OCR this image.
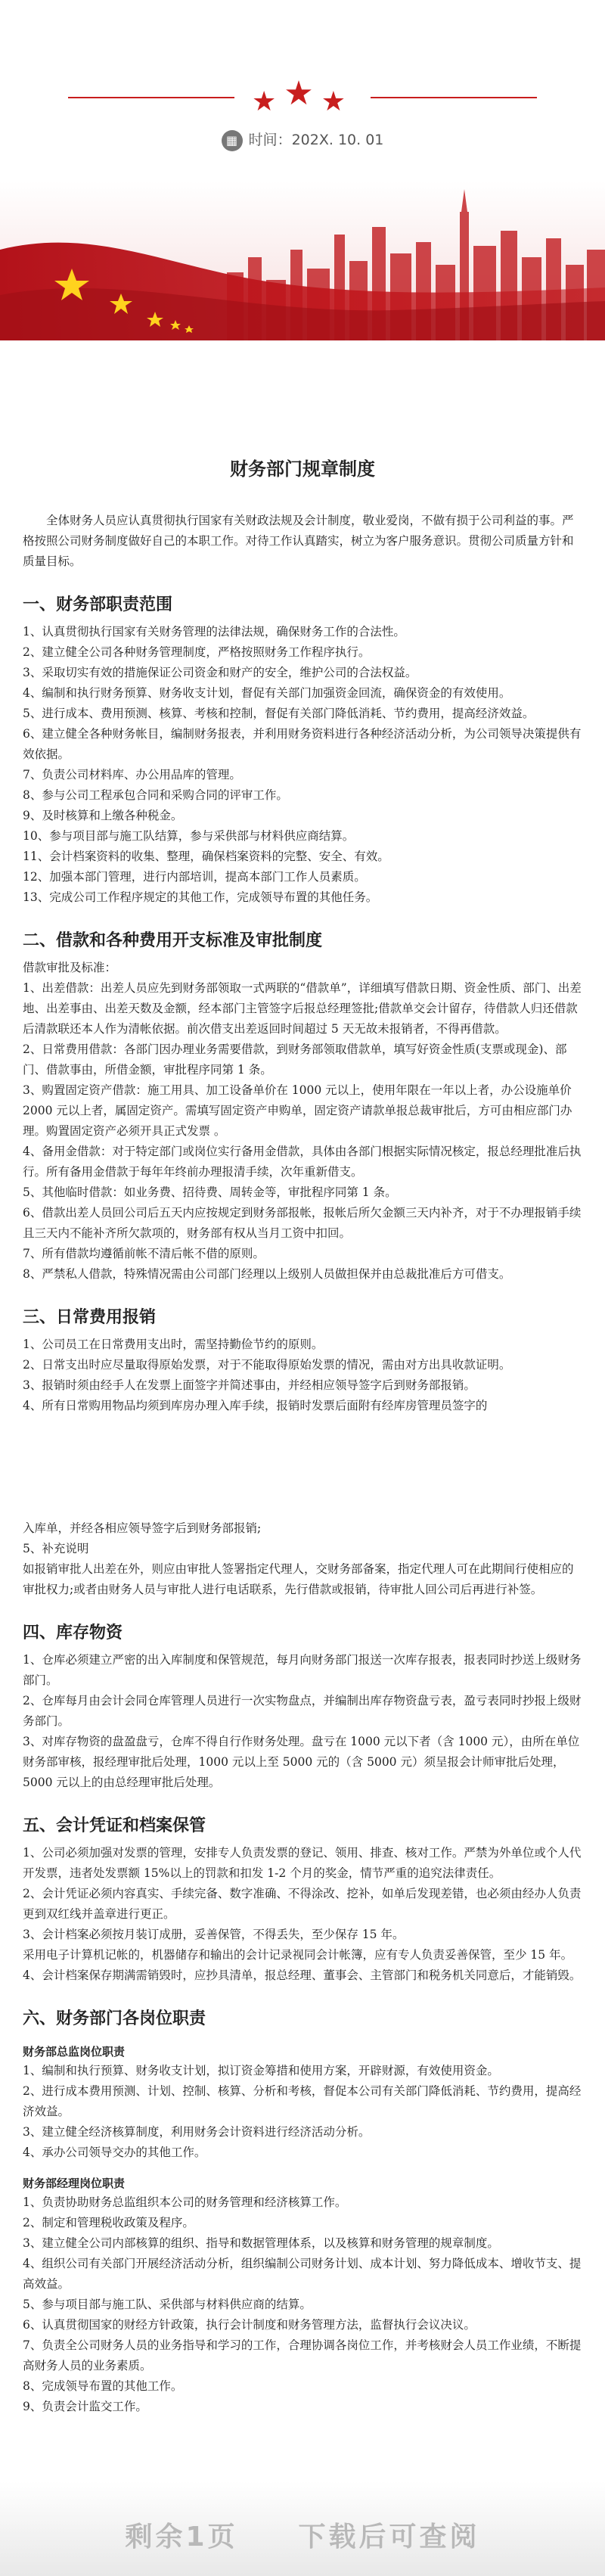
★★★
▦ 时间：202X. 10. 01
财务部门规章制度

全体财务人员应认真贯彻执行国家有关财政法规及会计制度，敬业爱岗，不做有损于公司利益的事。严格按照公司财务制度做好自己的本职工作。对待工作认真踏实，树立为客户服务意识。贯彻公司质量方针和质量目标。

一、财务部职责范围

1、认真贯彻执行国家有关财务管理的法律法规，确保财务工作的合法性。

2、建立健全公司各种财务管理制度，严格按照财务工作程序执行。

3、采取切实有效的措施保证公司资金和财产的安全，维护公司的合法权益。

4、编制和执行财务预算、财务收支计划，督促有关部门加强资金回流，确保资金的有效使用。

5、进行成本、费用预测、核算、考核和控制，督促有关部门降低消耗、节约费用，提高经济效益。

6、建立健全各种财务帐目，编制财务报表，并利用财务资料进行各种经济活动分析，为公司领导决策提供有效依据。

7、负责公司材料库、办公用品库的管理。

8、参与公司工程承包合同和采购合同的评审工作。

9、及时核算和上缴各种税金。

10、参与项目部与施工队结算，参与采供部与材料供应商结算。

11、会计档案资料的收集、整理，确保档案资料的完整、安全、有效。

12、加强本部门管理，进行内部培训，提高本部门工作人员素质。

13、完成公司工作程序规定的其他工作，完成领导布置的其他任务。

二、借款和各种费用开支标准及审批制度

借款审批及标准：

1、出差借款：出差人员应先到财务部领取一式两联的“借款单”，详细填写借款日期、资金性质、部门、出差地、出差事由、出差天数及金额，经本部门主管签字后报总经理签批;借款单交会计留存，待借款人归还借款后清款联还本人作为清帐依据。前次借支出差返回时间超过 5 天无故未报销者，不得再借款。

2、日常费用借款：各部门因办理业务需要借款，到财务部领取借款单，填写好资金性质(支票或现金)、部门、借款事由，所借金额，审批程序同第 1 条。

3、购置固定资产借款：施工用具、加工设备单价在 1000 元以上，使用年限在一年以上者，办公设施单价 2000 元以上者，属固定资产。需填写固定资产申购单，固定资产请款单报总裁审批后，方可由相应部门办理。购置固定资产必须开具正式发票 。

4、备用金借款：对于特定部门或岗位实行备用金借款，具体由各部门根据实际情况核定，报总经理批准后执行。所有备用金借款于每年年终前办理报清手续，次年重新借支。

5、其他临时借款：如业务费、招待费、周转金等，审批程序同第 1 条。

6、借款出差人员回公司后五天内应按规定到财务部报帐，报帐后所欠金额三天内补齐，对于不办理报销手续且三天内不能补齐所欠款项的，财务部有权从当月工资中扣回。

7、所有借款均遵循前帐不清后帐不借的原则。

8、严禁私人借款，特殊情况需由公司部门经理以上级别人员做担保并由总裁批准后方可借支。

三、日常费用报销

1、公司员工在日常费用支出时，需坚持勤俭节约的原则。

2、日常支出时应尽量取得原始发票，对于不能取得原始发票的情况，需由对方出具收款证明。

3、报销时须由经手人在发票上面签字并简述事由，并经相应领导签字后到财务部报销。

4、所有日常购用物品均须到库房办理入库手续，报销时发票后面附有经库房管理员签字的

入库单，并经各相应领导签字后到财务部报销;

5、补充说明

如报销审批人出差在外，则应由审批人签署指定代理人，交财务部备案，指定代理人可在此期间行使相应的审批权力;或者由财务人员与审批人进行电话联系，先行借款或报销，待审批人回公司后再进行补签。

四、库存物资

1、仓库必须建立严密的出入库制度和保管规范，每月向财务部门报送一次库存报表，报表同时抄送上级财务部门。

2、仓库每月由会计会同仓库管理人员进行一次实物盘点，并编制出库存物资盘亏表，盈亏表同时抄报上级财务部门。

3、对库存物资的盘盈盘亏，仓库不得自行作财务处理。盘亏在 1000 元以下者（含 1000 元），由所在单位财务部审核，报经理审批后处理，1000 元以上至 5000 元的（含 5000 元）须呈报会计师审批后处理，5000 元以上的由总经理审批后处理。

五、会计凭证和档案保管

1、公司必须加强对发票的管理，安排专人负责发票的登记、领用、排查、核对工作。严禁为外单位或个人代开发票，违者处发票额 15%以上的罚款和扣发 1-2 个月的奖金，情节严重的追究法律责任。

2、会计凭证必须内容真实、手续完备、数字准确、不得涂改、挖补，如单后发现差错，也必须由经办人负责更到双红线并盖章进行更正。

3、会计档案必须按月装订成册，妥善保管，不得丢失，至少保存 15 年。

采用电子计算机记帐的，机器储存和输出的会计记录视同会计帐簿，应有专人负责妥善保管，至少 15 年。

4、会计档案保存期满需销毁时，应抄具清单，报总经理、董事会、主管部门和税务机关同意后，才能销毁。

六、财务部门各岗位职责
财务部总监岗位职责

1、编制和执行预算、财务收支计划，拟订资金筹措和使用方案，开辟财源，有效使用资金。

2、进行成本费用预测、计划、控制、核算、分析和考核，督促本公司有关部门降低消耗、节约费用，提高经济效益。

3、建立健全经济核算制度，利用财务会计资料进行经济活动分析。

4、承办公司领导交办的其他工作。

财务部经理岗位职责

1、负责协助财务总监组织本公司的财务管理和经济核算工作。

2、制定和管理税收政策及程序。

3、建立健全公司内部核算的组织、指导和数据管理体系，以及核算和财务管理的规章制度。

4、组织公司有关部门开展经济活动分析，组织编制公司财务计划、成本计划、努力降低成本、增收节支、提高效益。

5、参与项目部与施工队、采供部与材料供应商的结算。

6、认真贯彻国家的财经方针政策，执行会计制度和财务管理方法，监督执行会议决议。

7、负责全公司财务人员的业务指导和学习的工作，合理协调各岗位工作，并考核财会人员工作业绩，不断提高财务人员的业务素质。

8、完成领导布置的其他工作。

9、负责会计监交工作。

剩余1页 下载后可查阅
